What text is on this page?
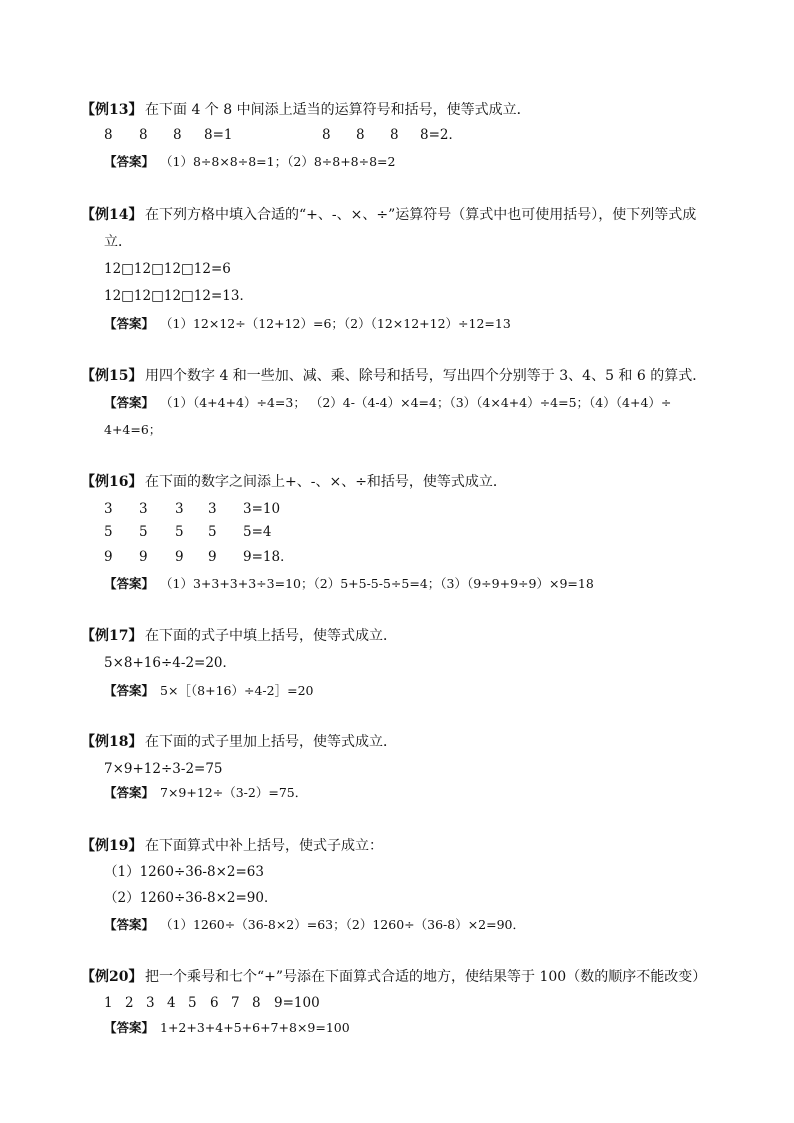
【例13】 在下面 4 个 8 中间添上适当的运算符号和括号，使等式成立．
8 8 8 8=1	8 8 8 8=2．
【答案】 （1）8÷8×8÷8=1；（2）8÷8+8÷8=2
【例14】 在下列方格中填入合适的“+、-、×、÷”运算符号（算式中也可使用括号），使下列等式成
立．
12□12□12□12=6
12□12□12□12=13．
【答案】 （1）12×12÷（12+12）=6；（2）（12×12+12）÷12=13
【例15】 用四个数字 4 和一些加、减、乘、除号和括号，写出四个分别等于 3、4、5 和 6 的算式．
【答案】 （1）（4+4+4）÷4=3； （2）4-（4-4）×4=4；（3）（4×4+4）÷4=5；（4）（4+4）÷
4+4=6；
【例16】 在下面的数字之间添上+、-、×、÷和括号，使等式成立．
3 3 3 3 3=10
5 5 5 5 5=4
9 9 9 9 9=18．
【答案】 （1）3+3+3+3÷3=10；（2）5+5-5-5÷5=4；（3）（9÷9+9÷9）×9=18
【例17】 在下面的式子中填上括号，使等式成立．
5×8+16÷4-2=20．
【答案】 5×［（8+16）÷4-2］=20
【例18】 在下面的式子里加上括号，使等式成立．
7×9+12÷3-2=75
【答案】 7×9+12÷（3-2）=75．
【例19】 在下面算式中补上括号，使式子成立：
（1）1260÷36-8×2=63
（2）1260÷36-8×2=90．
【答案】 （1）1260÷（36-8×2）=63；（2）1260÷（36-8）×2=90．
【例20】 把一个乘号和七个“+”号添在下面算式合适的地方，使结果等于 100（数的顺序不能改变）
1 2 3 4 5 6 7 8 9=100
【答案】 1+2+3+4+5+6+7+8×9=100
